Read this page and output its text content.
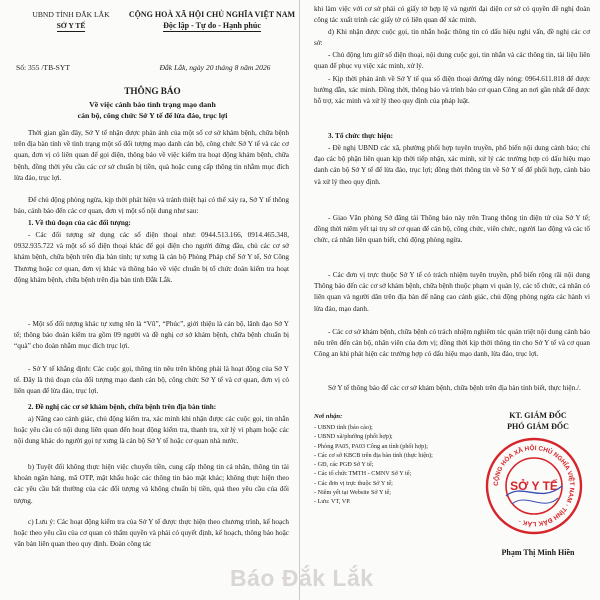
UBND TỈNH ĐẮK LẮK
SỞ Y TẾ
CỘNG HOÀ XÃ HỘI CHỦ NGHĨA VIỆT NAM
Độc lập - Tự do - Hạnh phúc
Số: 355 /TB-SYT	Đắk Lắk, ngày 20 tháng 8 năm 2026
THÔNG BÁO
Về việc cảnh báo tình trạng mạo danh
cán bộ, công chức Sở Y tế để lừa đảo, trục lợi

Thời gian gần đây, Sở Y tế nhận được phản ánh của một số cơ sở khám bệnh, chữa bệnh trên địa bàn tỉnh về tình trạng một số đối tượng mạo danh cán bộ, công chức Sở Y tế và các cơ quan, đơn vị có liên quan để gọi điện, thông báo về việc kiểm tra hoạt động khám bệnh, chữa bệnh, đồng thời yêu cầu các cơ sở chuẩn bị tiền, quà hoặc cung cấp thông tin nhằm mục đích lừa đảo, trục lợi.

Để chủ động phòng ngừa, kịp thời phát hiện và tránh thiệt hại có thể xảy ra, Sở Y tế thông báo, cảnh báo đến các cơ quan, đơn vị một số nội dung như sau:

1. Về thủ đoạn của các đối tượng:

- Các đối tượng sử dụng các số điện thoại như: 0944.513.166, 0914.465.348, 0932.935.722 và một số số điện thoại khác để gọi điện cho người đứng đầu, chủ các cơ sở khám bệnh, chữa bệnh trên địa bàn tỉnh; tự xưng là cán bộ Phòng Pháp chế Sở Y tế, Sở Công Thương hoặc cơ quan, đơn vị khác và thông báo về việc chuẩn bị tổ chức đoàn kiểm tra hoạt động khám bệnh, chữa bệnh trên địa bàn tỉnh Đắk Lắk.

- Một số đối tượng khác tự xưng tên là “Vũ”, “Phúc”, giới thiệu là cán bộ, lãnh đạo Sở Y tế; thông báo đoàn kiểm tra gồm 09 người và đề nghị cơ sở khám bệnh, chữa bệnh chuẩn bị “quà” cho đoàn nhằm mục đích trục lợi.

- Sở Y tế khẳng định: Các cuộc gọi, thông tin nêu trên không phải là hoạt động của Sở Y tế. Đây là thủ đoạn của đối tượng mạo danh cán bộ, công chức Sở Y tế và cơ quan, đơn vị có liên quan để lừa đảo, trục lợi.

2. Đề nghị các cơ sở khám bệnh, chữa bệnh trên địa bàn tỉnh:

a) Nâng cao cảnh giác, chủ động kiểm tra, xác minh khi nhận được các cuộc gọi, tin nhắn hoặc yêu cầu có nội dung liên quan đến hoạt động kiểm tra, thanh tra, xử lý vi phạm hoặc các nội dung khác do người gọi tự xưng là cán bộ Sở Y tế hoặc cơ quan nhà nước.

b) Tuyệt đối không thực hiện việc chuyển tiền, cung cấp thông tin cá nhân, thông tin tài khoản ngân hàng, mã OTP, mật khẩu hoặc các thông tin bảo mật khác; không thực hiện theo các yêu cầu bất thường của các đối tượng và không chuẩn bị tiền, quà theo yêu cầu của đối tượng.

c) Lưu ý: Các hoạt động kiểm tra của Sở Y tế được thực hiện theo chương trình, kế hoạch hoặc theo yêu cầu của cơ quan có thẩm quyền và phải có quyết định, kế hoạch, thông báo hoặc văn bản liên quan theo quy định. Đoàn công tác

khi làm việc với cơ sở phải có giấy tờ hợp lệ và người đại diện cơ sở có quyền đề nghị đoàn công tác xuất trình các giấy tờ có liên quan để xác minh.

d) Khi nhận được cuộc gọi, tin nhắn hoặc thông tin có dấu hiệu nghi vấn, đề nghị các cơ sở:

- Chủ động lưu giữ số điện thoại, nội dung cuộc gọi, tin nhắn và các thông tin, tài liệu liên quan để phục vụ việc xác minh, xử lý.

- Kịp thời phản ánh về Sở Y tế qua số điện thoại đường dây nóng: 0964.611.818 để được hướng dẫn, xác minh. Đồng thời, thông báo và trình báo cơ quan Công an nơi gần nhất để được hỗ trợ, xác minh và xử lý theo quy định của pháp luật.

3. Tổ chức thực hiện:

- Đề nghị UBND các xã, phường phối hợp tuyên truyền, phổ biến nội dung cảnh báo; chỉ đạo các bộ phận liên quan kịp thời tiếp nhận, xác minh, xử lý các trường hợp có dấu hiệu mạo danh cán bộ Sở Y tế để lừa đảo, trục lợi; đồng thời thông tin về Sở Y tế để phối hợp, cảnh báo và xử lý theo quy định.

- Giao Văn phòng Sở đăng tải Thông báo này trên Trang thông tin điện tử của Sở Y tế; đồng thời niêm yết tại trụ sở cơ quan để cán bộ, công chức, viên chức, người lao động và các tổ chức, cá nhân liên quan biết, chủ động phòng ngừa.

- Các đơn vị trực thuộc Sở Y tế có trách nhiệm tuyên truyền, phổ biến rộng rãi nội dung Thông báo đến các cơ sở khám bệnh, chữa bệnh thuộc phạm vi quản lý, các tổ chức, cá nhân có liên quan và người dân trên địa bàn để nâng cao cảnh giác, chủ động phòng ngừa các hành vi lừa đảo, mạo danh.

- Các cơ sở khám bệnh, chữa bệnh có trách nhiệm nghiêm túc quán triệt nội dung cảnh báo nêu trên đến cán bộ, nhân viên của đơn vị; đồng thời kịp thời thông tin cho Sở Y tế và cơ quan Công an khi phát hiện các trường hợp có dấu hiệu mạo danh, lừa đảo, trục lợi.

Sở Y tế thông báo để các cơ sở khám bệnh, chữa bệnh trên địa bàn tỉnh biết, thực hiện./.

Nơi nhận:
- UBND tỉnh (báo cáo);
- UBND xã/phường (phối hợp);
- Phòng PA05, PA03 Công an tỉnh (phối hợp);
- Các cơ sở KBCB trên địa bàn tỉnh (thực hiện);
- GĐ, các PGĐ Sở Y tế;
- Các tổ chức TMTH - CMNV Sở Y tế;
- Các đơn vị trực thuộc Sở Y tế;
- Niêm yết tại Website Sở Y tế;
- Lưu: VT, VP.
KT. GIÁM ĐỐC
PHÓ GIÁM ĐỐC
CỘNG HÒA XÃ HỘI CHỦ NGHĨA VIỆT NAM · TỈNH ĐẮK LẮK ·
SỞ Y TẾ
Phạm Thị Minh Hiền
Báo Đắk Lắk
